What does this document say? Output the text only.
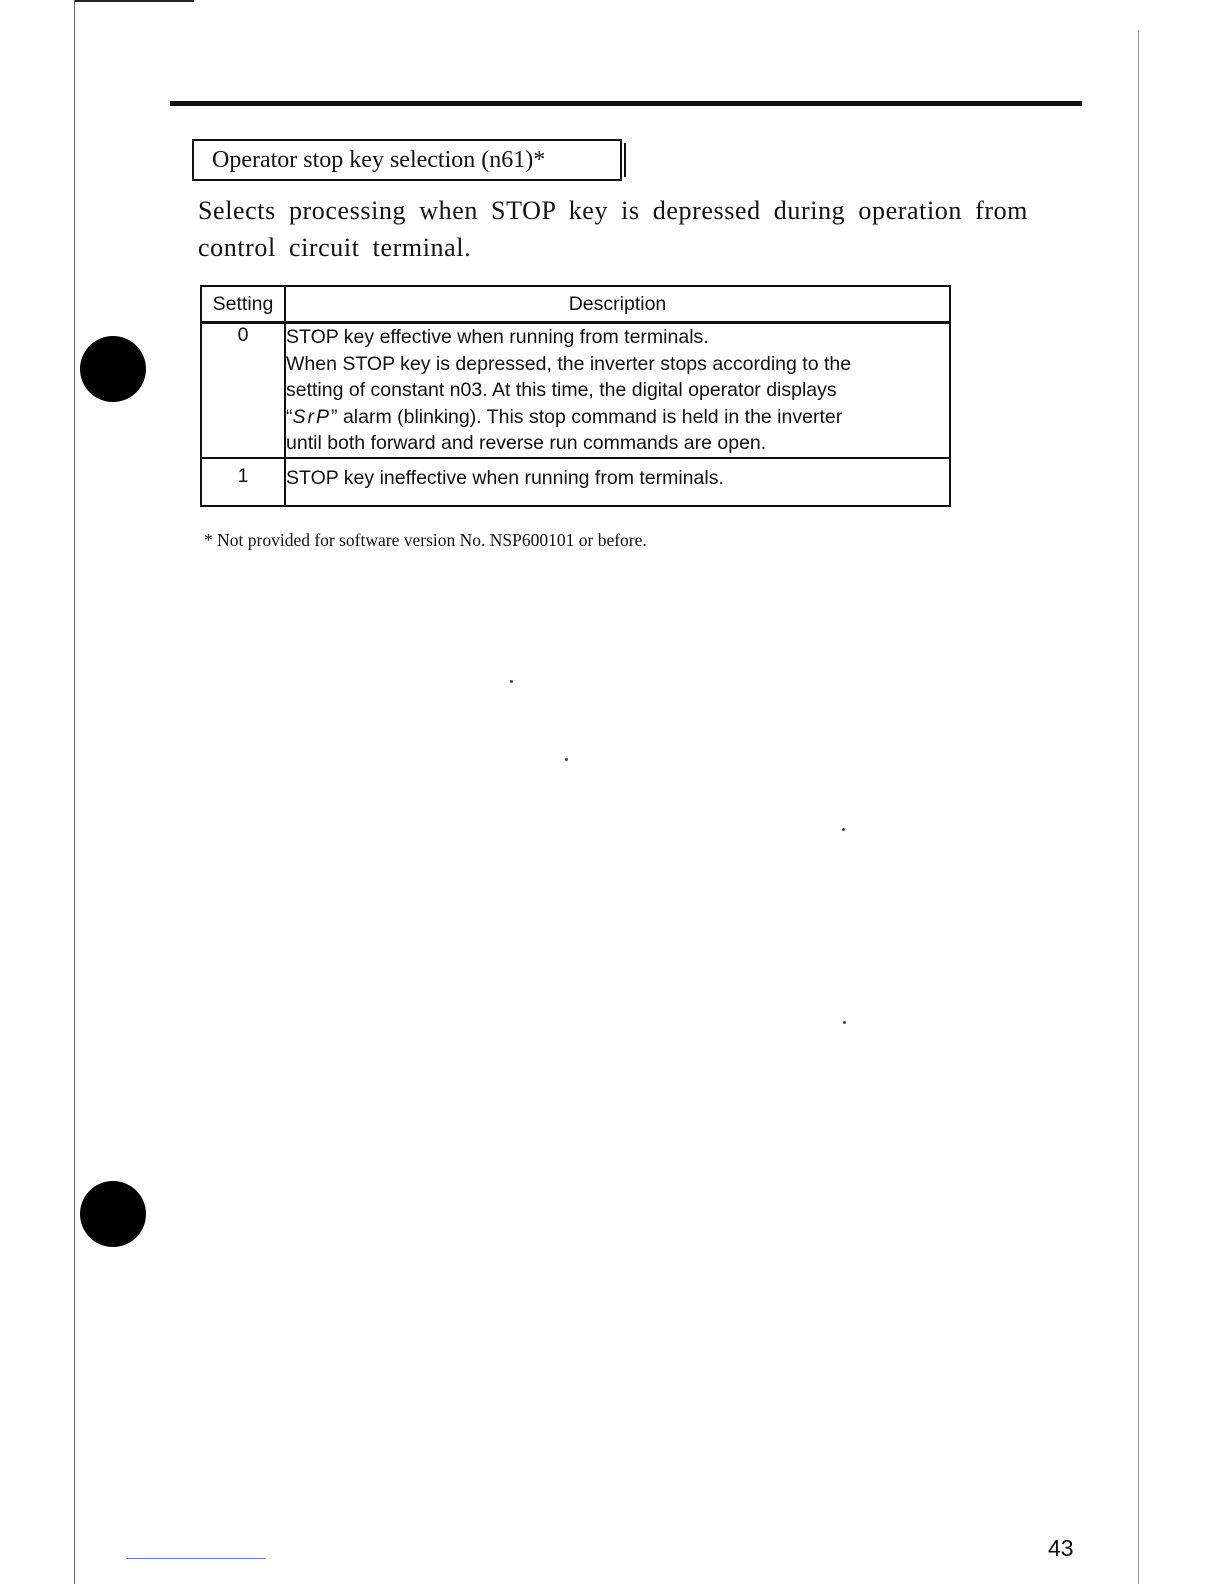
Operator stop key selection (n61)*
Selects processing when STOP key is depressed during operation from control circuit terminal.
Setting	Description
0	STOP key effective when running from terminals.
When STOP key is depressed, the inverter stops according to the
setting of constant n03. At this time, the digital operator displays
“SrP” alarm (blinking). This stop command is held in the inverter
until both forward and reverse run commands are open.

1	STOP key ineffective when running from terminals.
* Not provided for software version No. NSP600101 or before.
43
